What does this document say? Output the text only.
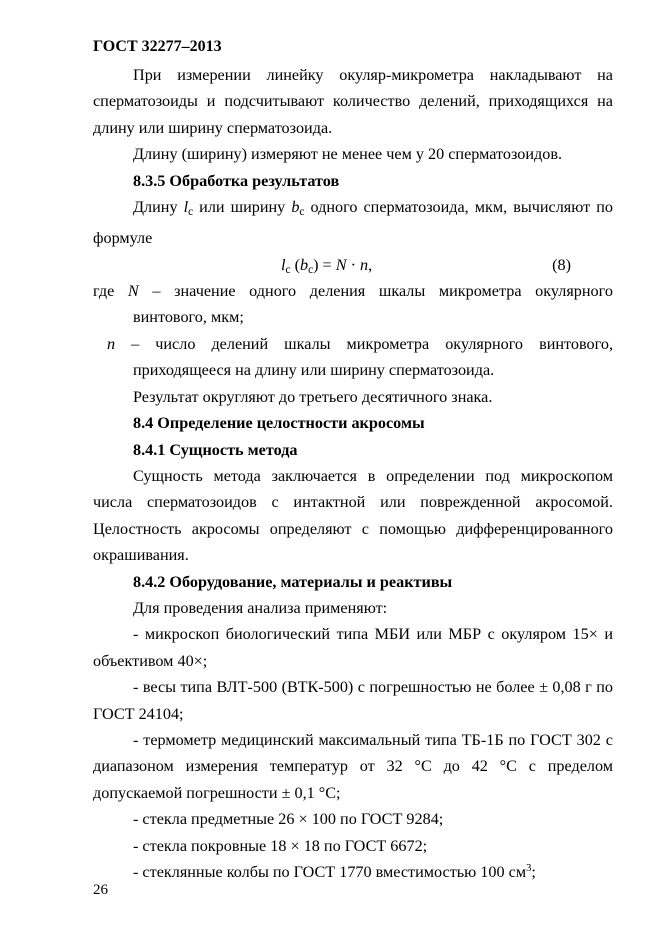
ГОСТ 32277–2013

При измерении линейку окуляр-микрометра накладывают на сперматозоиды и подсчитывают количество делений, приходящихся на длину или ширину сперматозоида.

Длину (ширину) измеряют не менее чем у 20 сперматозоидов.

8.3.5 Обработка результатов

Длину $l_c$ или ширину $b_c$ одного сперматозоида, мкм, вычисляют по формуле

$l_c$ $(b_c) = N \cdot n$,	(8)

где N – значение одного деления шкалы микрометра окулярного винтового, мкм;

n – число делений шкалы микрометра окулярного винтового, приходящееся на длину или ширину сперматозоида.

Результат округляют до третьего десятичного знака.

8.4 Определение целостности акросомы

8.4.1 Сущность метода

Сущность метода заключается в определении под микроскопом числа сперматозоидов с интактной или поврежденной акросомой. Целостность акросомы определяют с помощью дифференцированного окрашивания.

8.4.2 Оборудование, материалы и реактивы

Для проведения анализа применяют:

- микроскоп биологический типа МБИ или МБР с окуляром 15× и объективом 40×;

- весы типа ВЛТ-500 (ВТК-500) с погрешностью не более ± 0,08 г по ГОСТ 24104;

- термометр медицинский максимальный типа ТБ-1Б по ГОСТ 302 с диапазоном измерения температур от 32 °С до 42 °С с пределом допускаемой погрешности ± 0,1 °С;

- стекла предметные 26 × 100 по ГОСТ 9284;

- стекла покровные 18 × 18 по ГОСТ 6672;

- стеклянные колбы по ГОСТ 1770 вместимостью 100 $см^3$;

26
